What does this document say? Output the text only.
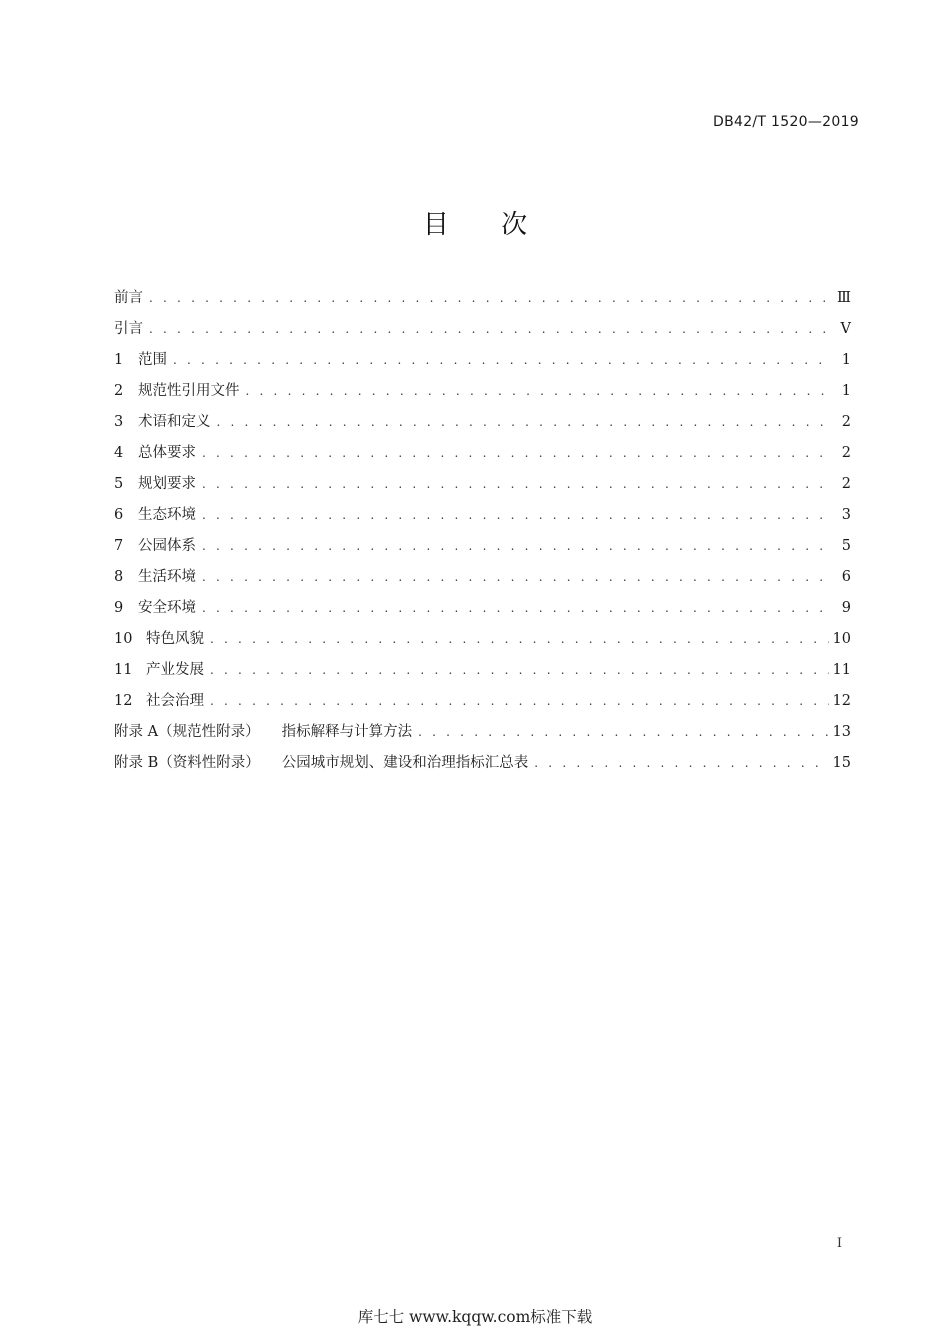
DB42/T 1520—2019
目 次
前言 . . .	Ⅲ
引言 . . .	Ⅴ
1 范围 . . .	1
2 规范性引用文件 . . .	1
3 术语和定义 . . .	2
4 总体要求 . . .	2
5 规划要求 . . .	2
6 生态环境 . . .	3
7 公园体系 . . .	5
8 生活环境 . . .	6
9 安全环境 . . .	9
10 特色风貌 . . .	10
11 产业发展 . . .	11
12 社会治理 . . .	12
附录 A（规范性附录） 指标解释与计算方法 . . .	13
附录 B（资料性附录） 公园城市规划、建设和治理指标汇总表 . . .	15
I
库七七 www.kqqw.com标准下载
